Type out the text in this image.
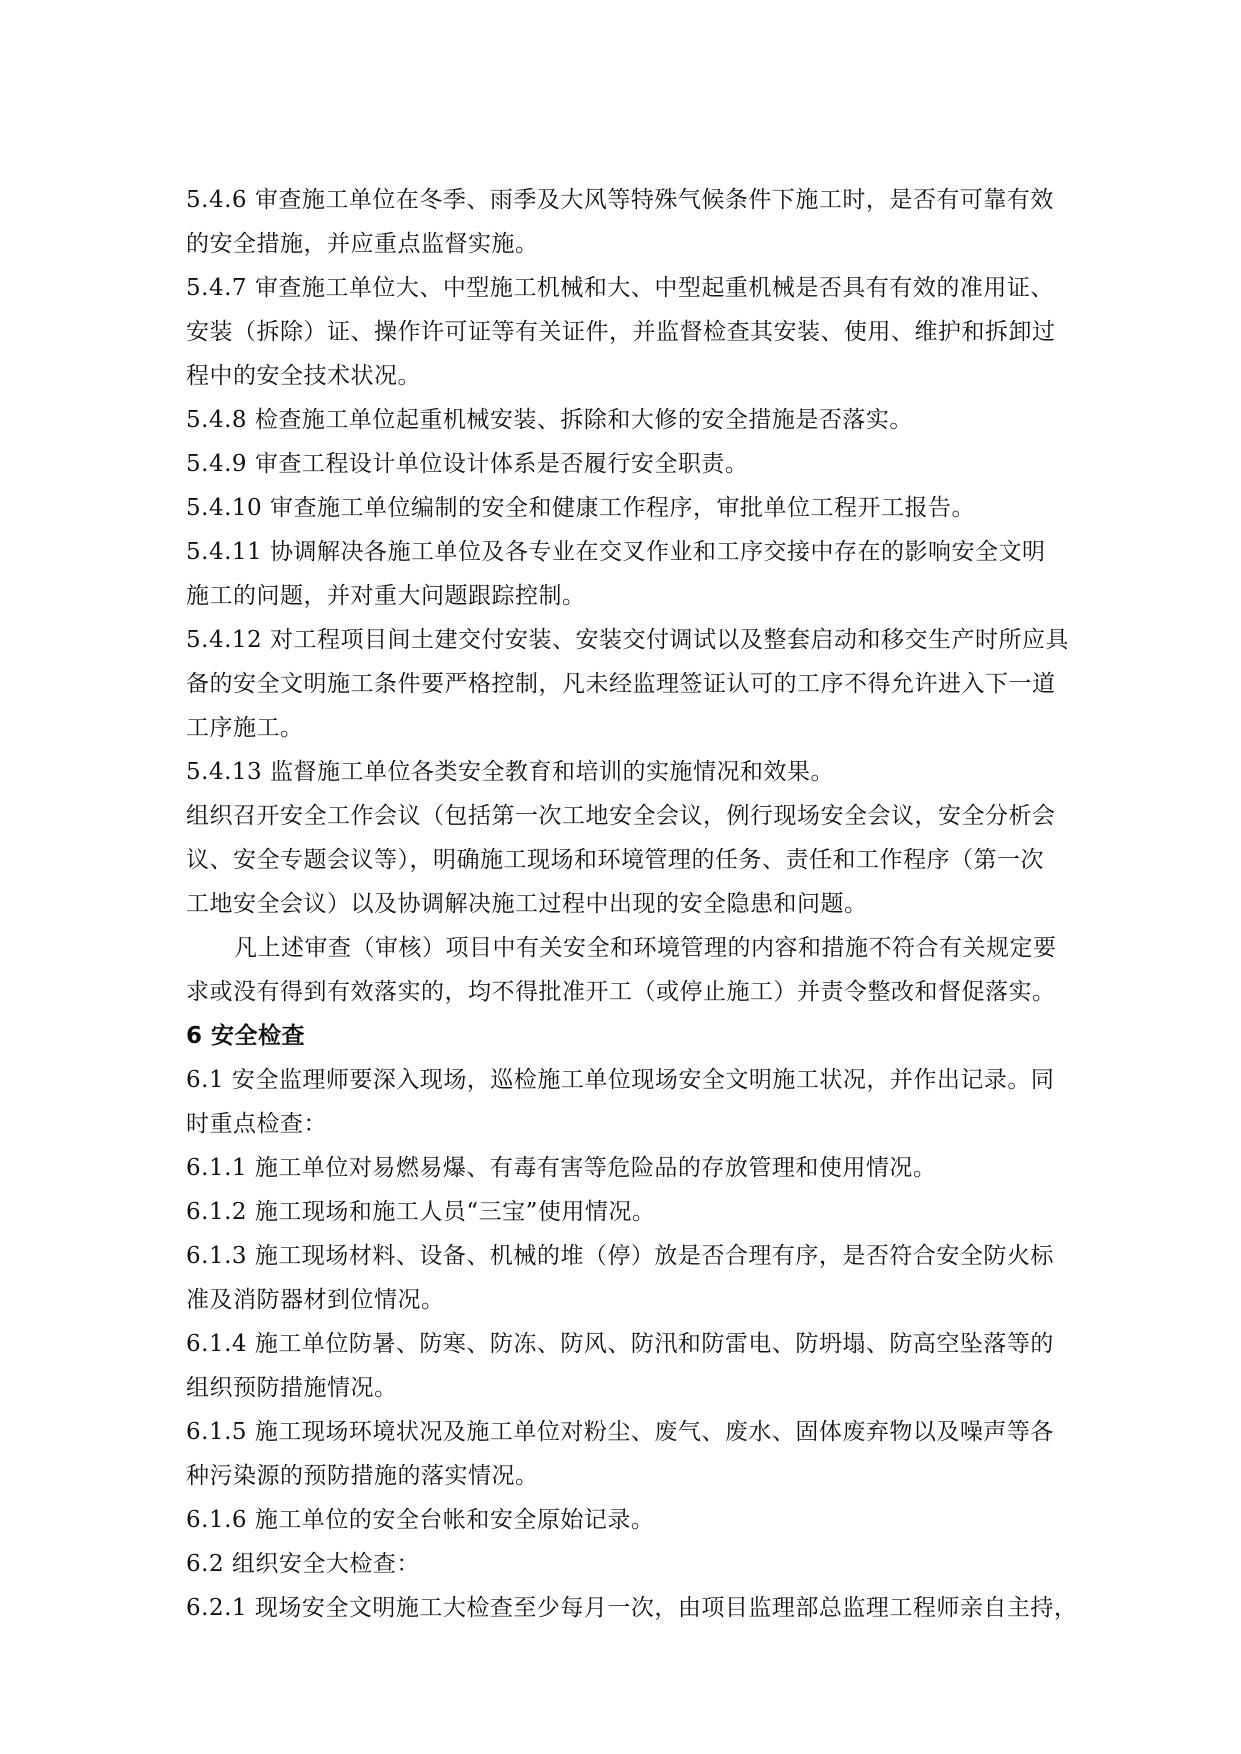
5.4.6 审查施工单位在冬季、雨季及大风等特殊气候条件下施工时，是否有可靠有效
的安全措施，并应重点监督实施。
5.4.7 审查施工单位大、中型施工机械和大、中型起重机械是否具有有效的准用证、
安装（拆除）证、操作许可证等有关证件，并监督检查其安装、使用、维护和拆卸过
程中的安全技术状况。
5.4.8 检查施工单位起重机械安装、拆除和大修的安全措施是否落实。
5.4.9 审查工程设计单位设计体系是否履行安全职责。
5.4.10 审查施工单位编制的安全和健康工作程序，审批单位工程开工报告。
5.4.11 协调解决各施工单位及各专业在交叉作业和工序交接中存在的影响安全文明
施工的问题，并对重大问题跟踪控制。
5.4.12 对工程项目间土建交付安装、安装交付调试以及整套启动和移交生产时所应具
备的安全文明施工条件要严格控制，凡未经监理签证认可的工序不得允许进入下一道
工序施工。
5.4.13 监督施工单位各类安全教育和培训的实施情况和效果。
组织召开安全工作会议（包括第一次工地安全会议，例行现场安全会议，安全分析会
议、安全专题会议等），明确施工现场和环境管理的任务、责任和工作程序（第一次
工地安全会议）以及协调解决施工过程中出现的安全隐患和问题。
凡上述审查（审核）项目中有关安全和环境管理的内容和措施不符合有关规定要
求或没有得到有效落实的，均不得批准开工（或停止施工）并责令整改和督促落实。
6 安全检查
6.1 安全监理师要深入现场，巡检施工单位现场安全文明施工状况，并作出记录。同
时重点检查：
6.1.1 施工单位对易燃易爆、有毒有害等危险品的存放管理和使用情况。
6.1.2 施工现场和施工人员“三宝”使用情况。
6.1.3 施工现场材料、设备、机械的堆（停）放是否合理有序，是否符合安全防火标
准及消防器材到位情况。
6.1.4 施工单位防暑、防寒、防冻、防风、防汛和防雷电、防坍塌、防高空坠落等的
组织预防措施情况。
6.1.5 施工现场环境状况及施工单位对粉尘、废气、废水、固体废弃物以及噪声等各
种污染源的预防措施的落实情况。
6.1.6 施工单位的安全台帐和安全原始记录。
6.2 组织安全大检查：
6.2.1 现场安全文明施工大检查至少每月一次，由项目监理部总监理工程师亲自主持，
